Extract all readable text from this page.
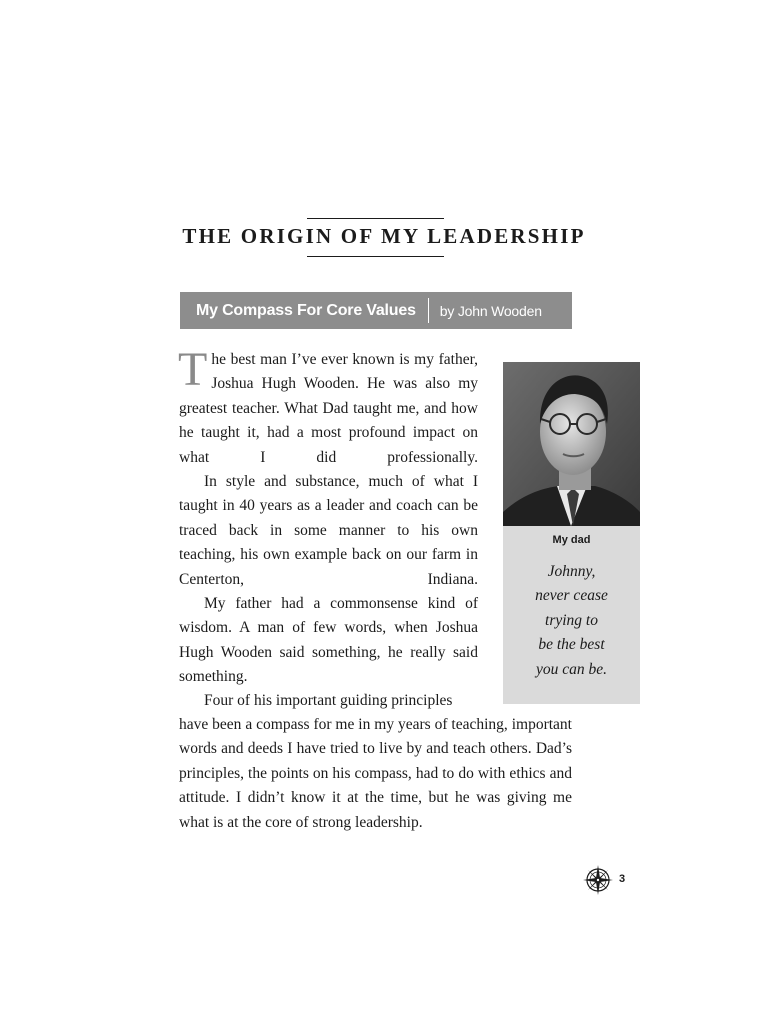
THE ORIGIN OF MY LEADERSHIP
My Compass For Core Values by John Wooden

The best man I’ve ever known is my father, Joshua Hugh Wooden. He was also my greatest teacher. What Dad taught me, and how he taught it, had a most profound impact on what I did professionally.

In style and substance, much of what I taught in 40 years as a leader and coach can be traced back in some manner to his own teaching, his own example back on our farm in Centerton, Indiana.

My father had a commonsense kind of wisdom. A man of few words, when Joshua Hugh Wooden said something, he really said something.

Four of his important guiding principles

have been a compass for me in my years of teaching, important words and deeds I have tried to live by and teach others. Dad’s principles, the points on his compass, had to do with ethics and attitude. I didn’t know it at the time, but he was giving me what is at the core of strong leadership.

My dad
Johnny,
never cease
trying to
be the best
you can be.
3
